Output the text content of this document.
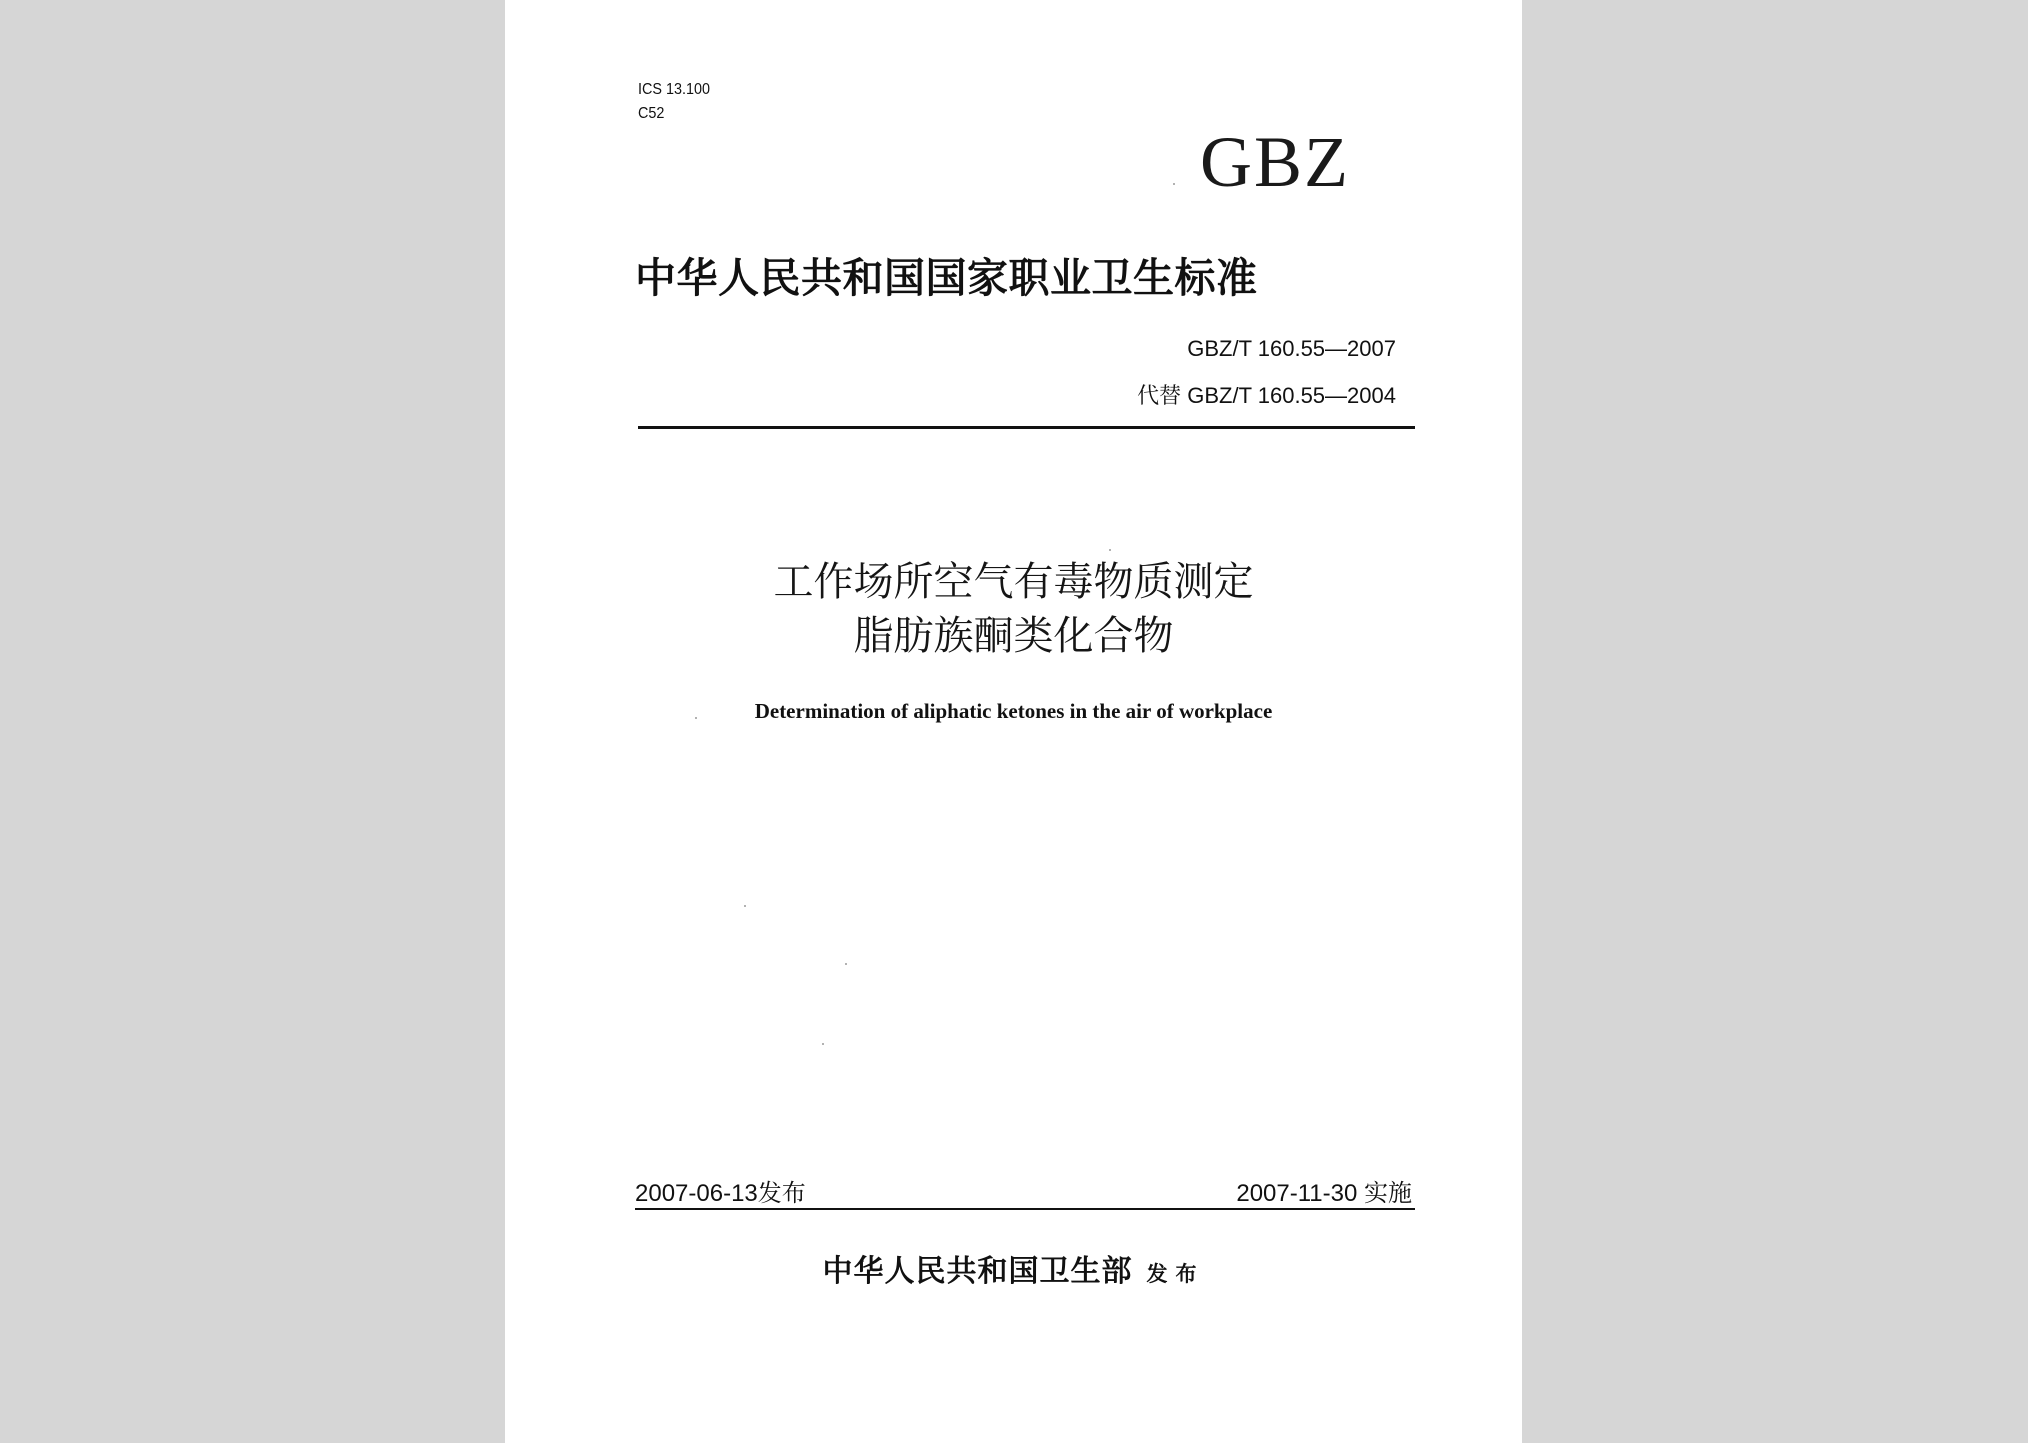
ICS 13.100
C52
GBZ
中华人民共和国国家职业卫生标准
GBZ/T 160.55—2007
代替 GBZ/T 160.55—2004
工作场所空气有毒物质测定
脂肪族酮类化合物
Determination of aliphatic ketones in the air of workplace
2007-06-13发布	2007-11-30 实施
中华人民共和国卫生部 发布
